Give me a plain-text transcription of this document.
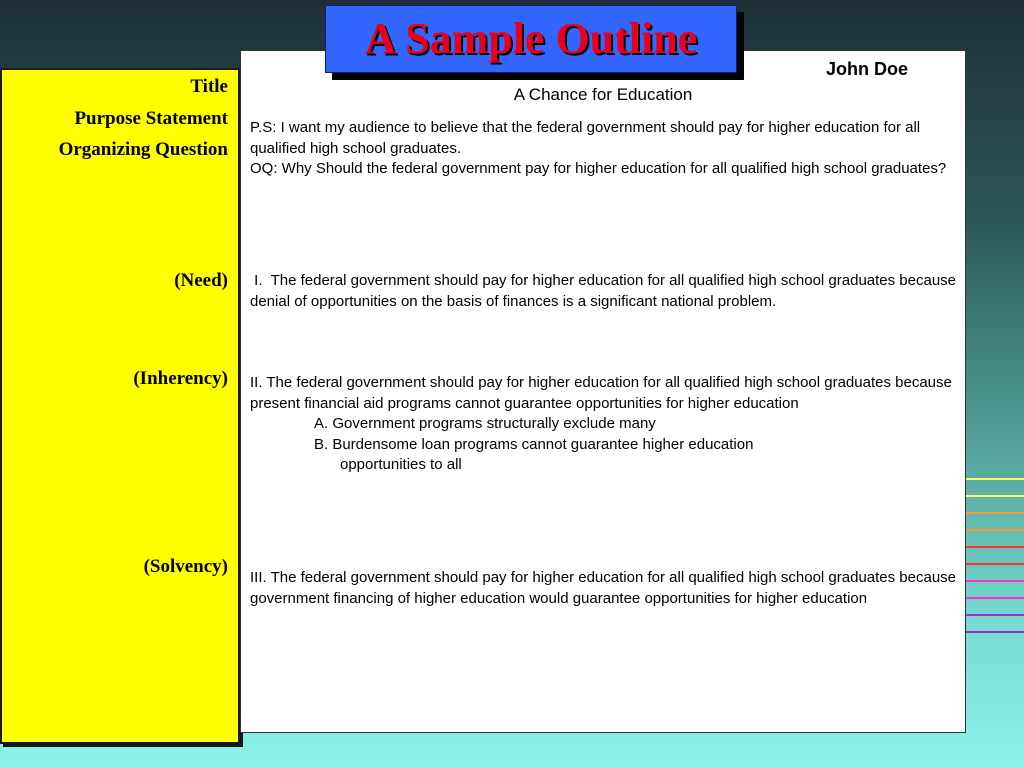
Title
Purpose Statement
Organizing Question
(Need)
(Inherency)
(Solvency)
John Doe
A Chance for Education
P.S: I want my audience to believe that the federal government should pay for higher education for all qualified high school graduates.
OQ: Why Should the federal government pay for higher education for all qualified high school graduates?
I.  The federal government should pay for higher education for all qualified high school graduates because denial of opportunities on the basis of finances is a significant national problem.
II. The federal government should pay for higher education for all qualified high school graduates because present financial aid programs cannot guarantee opportunities for higher education
A. Government programs structurally exclude many
B. Burdensome loan programs cannot guarantee higher education
opportunities to all
III. The federal government should pay for higher education for all qualified high school graduates because government financing of higher education would guarantee opportunities for higher education
A Sample Outline
